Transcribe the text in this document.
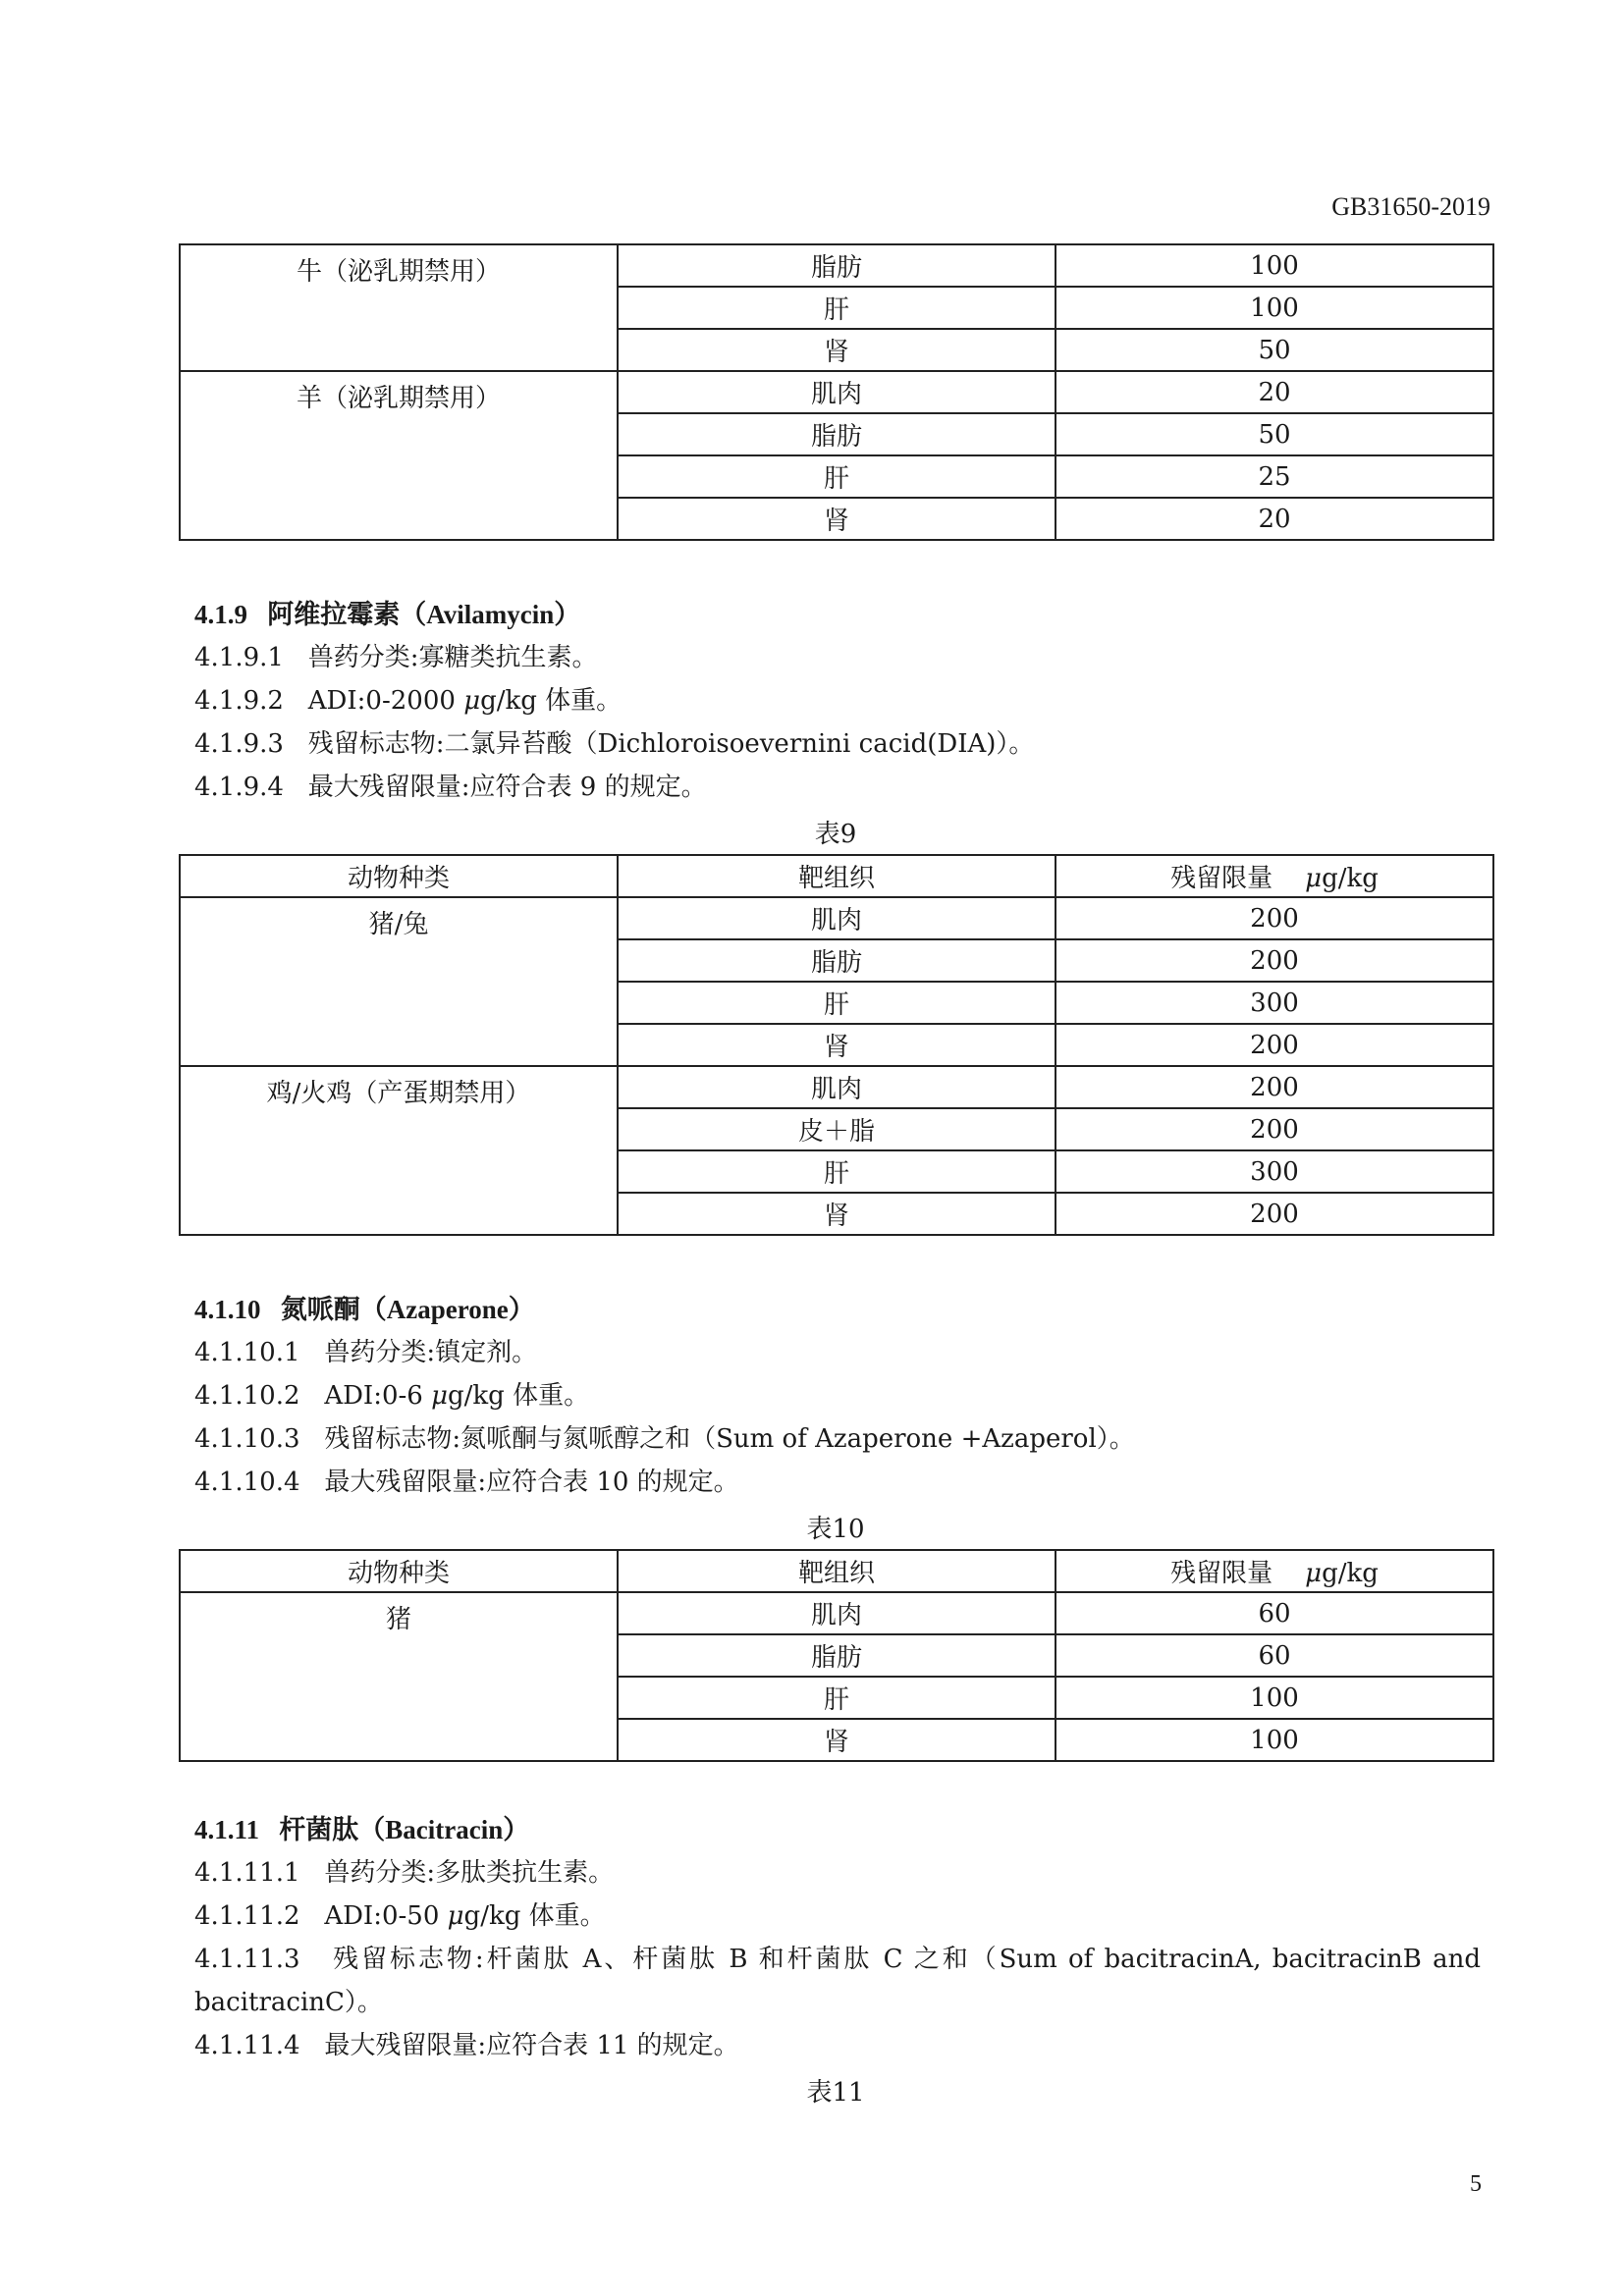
GB31650-2019
牛（泌乳期禁用）	脂肪	100
	肝	100
	肾	50
羊（泌乳期禁用）	肌肉	20
	脂肪	50
	肝	25
	肾	20
4.1.9 阿维拉霉素（Avilamycin）
4.1.9.1 兽药分类:寡糖类抗生素。
4.1.9.2 ADI:0-2000 μg/kg 体重。
4.1.9.3 残留标志物:二氯异苔酸（Dichloroisoevernini cacid(DIA)）。
4.1.9.4 最大残留限量:应符合表 9 的规定。
表9
动物种类	靶组织	残留限量 μg/kg
猪/兔	肌肉	200
	脂肪	200
	肝	300
	肾	200
鸡/火鸡（产蛋期禁用）	肌肉	200
	皮＋脂	200
	肝	300
	肾	200
4.1.10 氮哌酮（Azaperone）
4.1.10.1 兽药分类:镇定剂。
4.1.10.2 ADI:0-6 μg/kg 体重。
4.1.10.3 残留标志物:氮哌酮与氮哌醇之和（Sum of Azaperone +Azaperol）。
4.1.10.4 最大残留限量:应符合表 10 的规定。
表10
动物种类	靶组织	残留限量 μg/kg
猪	肌肉	60
	脂肪	60
	肝	100
	肾	100
4.1.11 杆菌肽（Bacitracin）
4.1.11.1 兽药分类:多肽类抗生素。
4.1.11.2 ADI:0-50 μg/kg 体重。
4.1.11.3 残留标志物:杆菌肽 A、杆菌肽 B 和杆菌肽 C 之和（Sum of bacitracinA, bacitracinB and
bacitracinC）。
4.1.11.4 最大残留限量:应符合表 11 的规定。
表11
5
